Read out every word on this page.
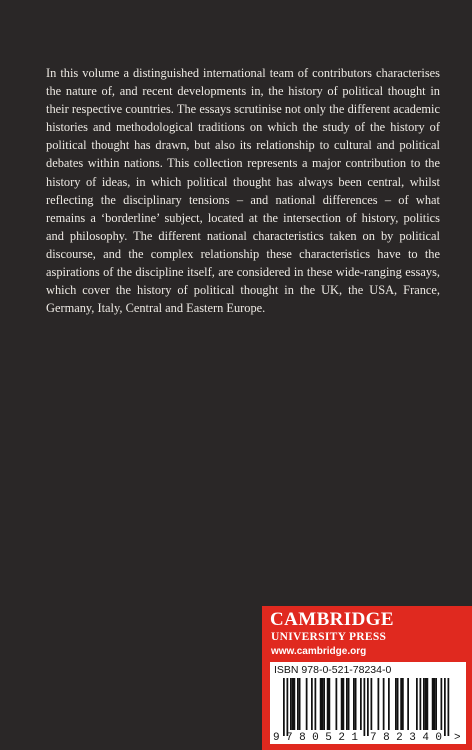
In this volume a distinguished international team of contributors characterises the nature of, and recent developments in, the history of political thought in their respective countries. The essays scrutinise not only the different academic histories and methodological traditions on which the study of the history of political thought has drawn, but also its relationship to cultural and political debates within nations. This collection represents a major contribution to the history of ideas, in which political thought has always been central, whilst reflecting the disciplinary tensions – and national differences – of what remains a ‘borderline’ subject, located at the intersection of history, politics and philosophy. The different national characteristics taken on by political discourse, and the complex relationship these characteristics have to the aspirations of the discipline itself, are considered in these wide-ranging essays, which cover the history of political thought in the UK, the USA, France, Germany, Italy, Central and Eastern Europe.

CAMBRIDGE
UNIVERSITY PRESS
www.cambridge.org
ISBN 978-0-521-78234-0
9 780521 782340 >
